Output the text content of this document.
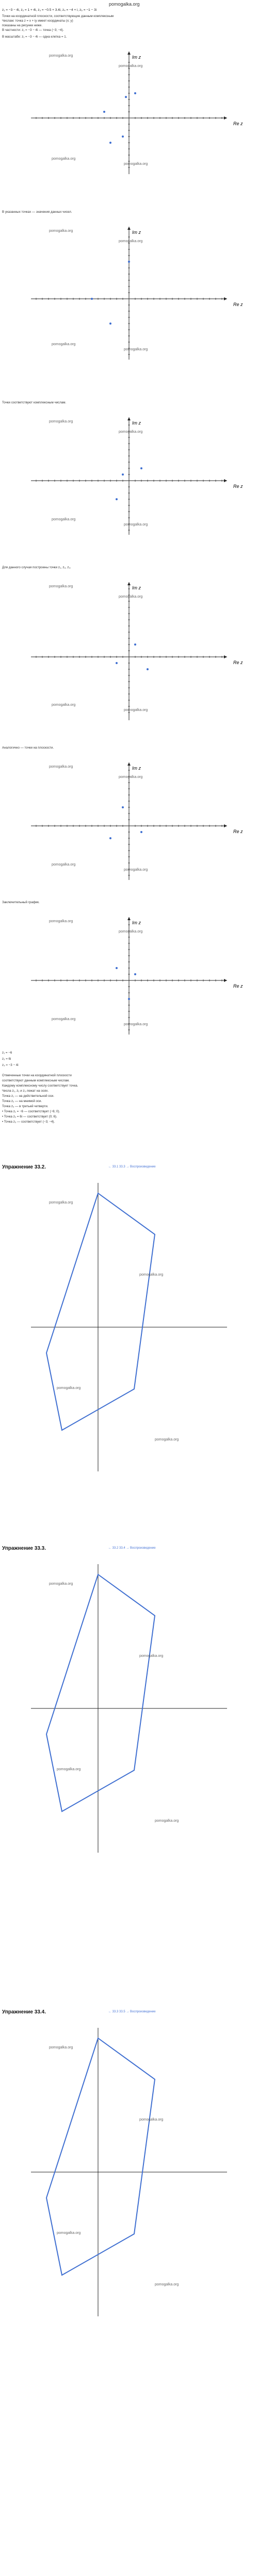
pomogalka.org
z₁ = −3 − 4i, z₂ = 1 + 4i, z₃ = −0.5 + 3.4i, z₄ = −4 + i, z₅ = −1 − 3i
Точки на координатной плоскости, соответствующие данным комплексным
Числам: точка z = x + iy имеет координаты (x; y)
показаны на рисунке ниже.
В частности: z₁ = −3 − 4i — точка (−3; −4).
Im z
Re z
pomogalka.org
pomogalka.org
pomogalka.org
pomogalka.org
В масштабе: z₁ = −3 − 4i — одна клетка = 1.
Im z
Re z
pomogalka.org
pomogalka.org
pomogalka.org
pomogalka.org
В указанных точках — значения данных чисел.
Im z
Re z
pomogalka.org
pomogalka.org
pomogalka.org
pomogalka.org
Точки соответствуют комплексным числам.
Im z
Re z
pomogalka.org
pomogalka.org
pomogalka.org
pomogalka.org
Для данного случая построены точки z₁, z₂, z₃.
Im z
Re z
pomogalka.org
pomogalka.org
pomogalka.org
pomogalka.org
Аналогично — точки на плоскости.
Im z
Re z
pomogalka.org
pomogalka.org
pomogalka.org
pomogalka.org
Заключительный график.
z₁ = −6
z₂ = 6i
z₃ = −3 − 4i
Отмеченные точки на координатной плоскости
соответствуют данным комплексным числам.
Каждому комплексному числу соответствует точка.
Числа z₁, z₂ и z₃ лежат на осях.
Точка z₁ — на действительной оси.
Точка z₂ — на мнимой оси.
Точка z₃ — в третьей четверти.
• Точка z₁ = −6 — соответствует (−6; 0).
• Точка z₂ = 6i — соответствует (0; 6).
• Точка z₃ — соответствует (−3; −4).
Упражнение 33.2.	← 33.1 33.3 → Воспроизведение
pomogalka.org
pomogalka.org
pomogalka.org
pomogalka.org
Упражнение 33.3.	← 33.2 33.4 → Воспроизведение
pomogalka.org
pomogalka.org
pomogalka.org
pomogalka.org
Упражнение 33.4.	← 33.3 33.5 → Воспроизведение
pomogalka.org
pomogalka.org
pomogalka.org
pomogalka.org
